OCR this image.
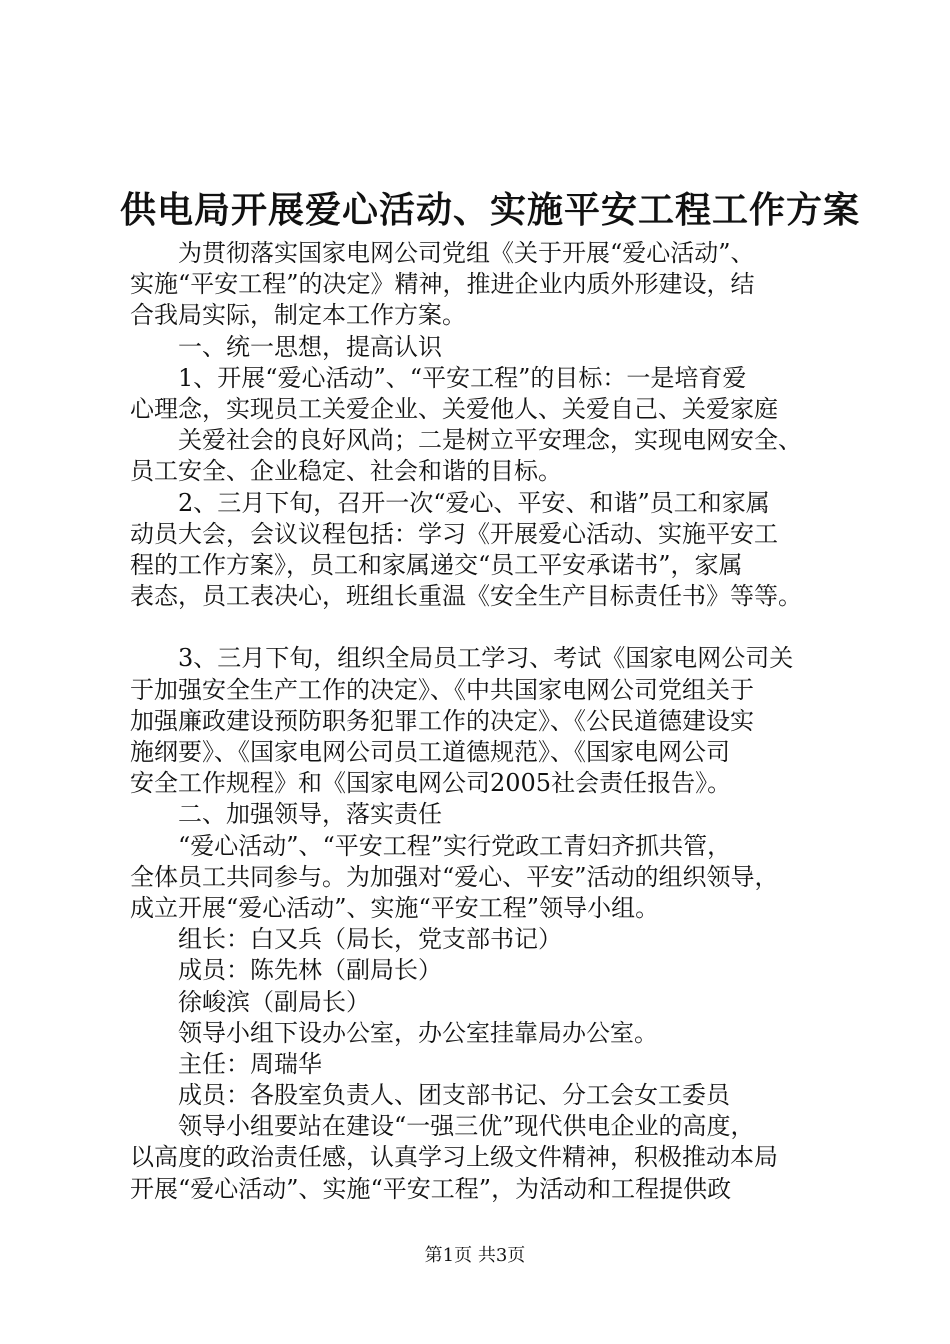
供电局开展爱心活动、实施平安工程工作方案
为贯彻落实国家电网公司党组《关于开展“爱心活动”、
实施“平安工程”的决定》精神，推进企业内质外形建设，结
合我局实际，制定本工作方案。
一、统一思想，提高认识
1、开展“爱心活动”、“平安工程”的目标：一是培育爱
心理念，实现员工关爱企业、关爱他人、关爱自己、关爱家庭
关爱社会的良好风尚；二是树立平安理念，实现电网安全、
员工安全、企业稳定、社会和谐的目标。
2、三月下旬，召开一次“爱心、平安、和谐”员工和家属
动员大会，会议议程包括：学习《开展爱心活动、实施平安工
程的工作方案》，员工和家属递交“员工平安承诺书”，家属
表态，员工表决心，班组长重温《安全生产目标责任书》等等。
3、三月下旬，组织全局员工学习、考试《国家电网公司关
于加强安全生产工作的决定》、《中共国家电网公司党组关于
加强廉政建设预防职务犯罪工作的决定》、《公民道德建设实
施纲要》、《国家电网公司员工道德规范》、《国家电网公司
安全工作规程》和《国家电网公司2005社会责任报告》。
二、加强领导，落实责任
“爱心活动”、“平安工程”实行党政工青妇齐抓共管，
全体员工共同参与。为加强对“爱心、平安”活动的组织领导，
成立开展“爱心活动”、实施“平安工程”领导小组。
组长：白又兵（局长，党支部书记）
成员：陈先林（副局长）
徐峻滨（副局长）
领导小组下设办公室，办公室挂靠局办公室。
主任：周瑞华
成员：各股室负责人、团支部书记、分工会女工委员
领导小组要站在建设“一强三优”现代供电企业的高度，
以高度的政治责任感，认真学习上级文件精神，积极推动本局
开展“爱心活动”、实施“平安工程”，为活动和工程提供政
第1页 共3页
